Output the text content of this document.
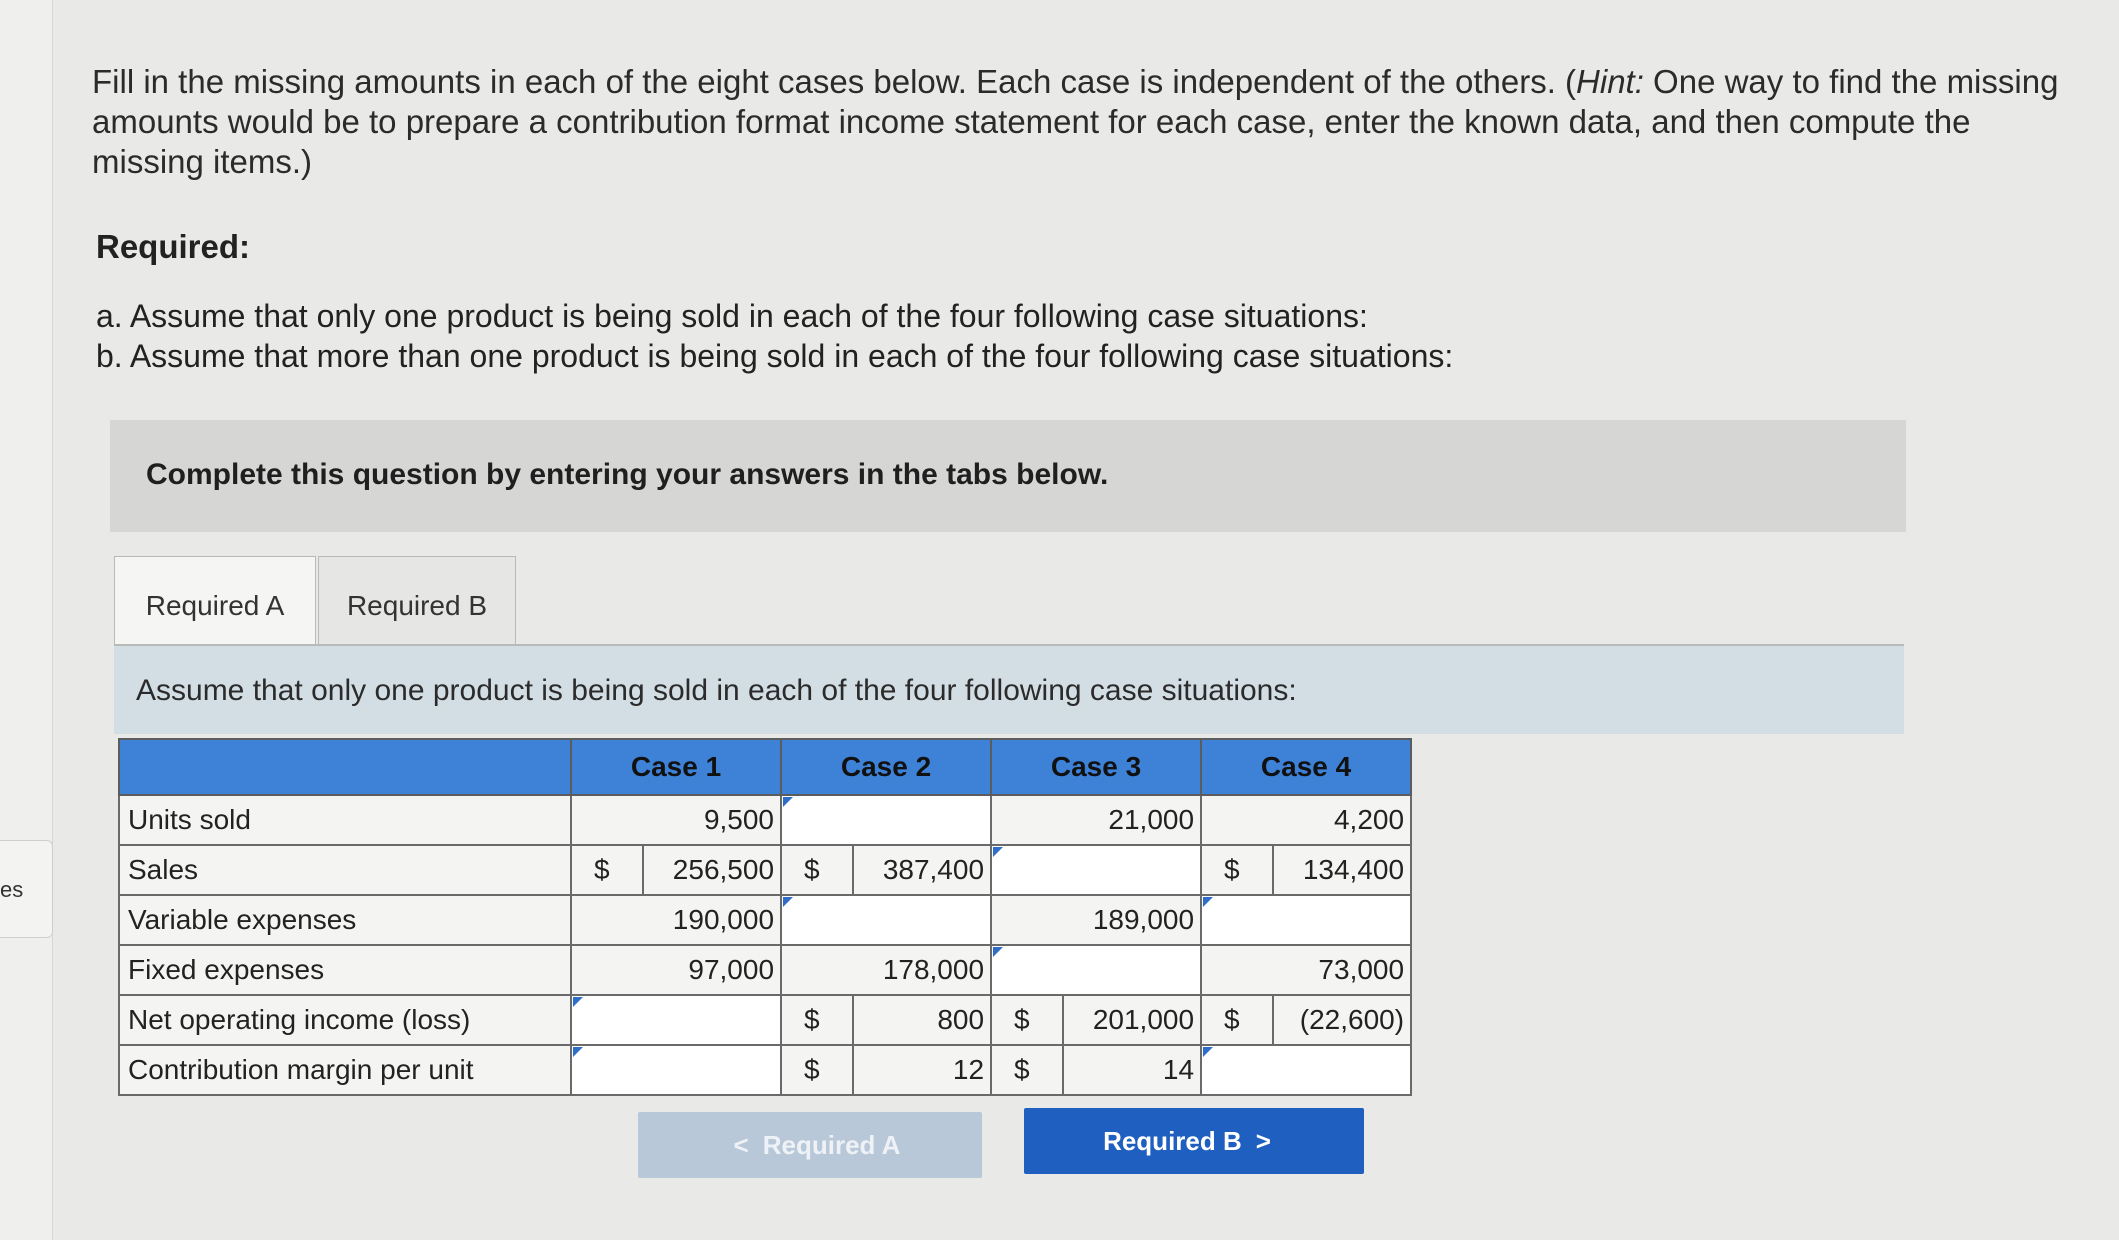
es
Fill in the missing amounts in each of the eight cases below. Each case is independent of the others. (Hint: One way to find the missing amounts would be to prepare a contribution format income statement for each case, enter the known data, and then compute the missing items.)
Required:
a. Assume that only one product is being sold in each of the four following case situations:
b. Assume that more than one product is being sold in each of the four following case situations:
Complete this question by entering your answers in the tabs below.
Required A	Required B
Assume that only one product is being sold in each of the four following case situations:
	Case 1		Case 2		Case 3		Case 4	
Units sold	9,500				21,000		4,200	
Sales	$	256,500	$	387,400			$	134,400
Variable expenses	190,000				189,000			
Fixed expenses	97,000		178,000				73,000	
Net operating income (loss)			$	800	$	201,000	$	(22,600)
Contribution margin per unit			$	12	$	14		
< Required A	Required B >
